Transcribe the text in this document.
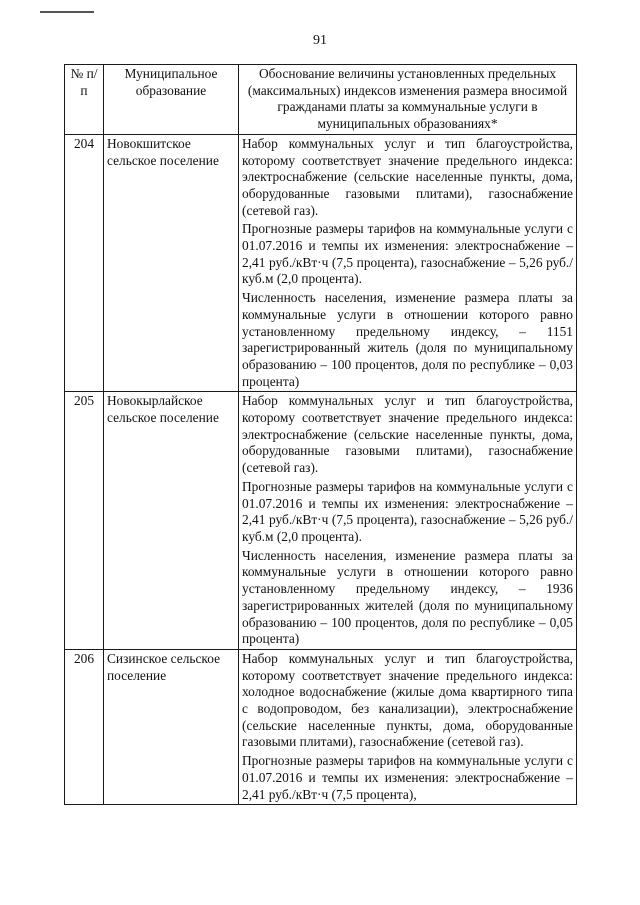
91
№ п/п	Муниципальное образование	Обоснование величины установленных предельных (максимальных) индексов изменения размера вносимой гражданами платы за коммунальные услуги в муниципальных образованиях*
204	Новокшитское сельское поселение	Набор коммунальных услуг и тип благоустройства, которому соответствует значение предельного индекса: электроснабжение (сельские населенные пункты, дома, оборудованные газовыми плитами), газоснабжение (сетевой газ).

Прогнозные размеры тарифов на коммунальные услуги с 01.07.2016 и темпы их изменения: электроснабжение – 2,41 руб./кВт·ч (7,5 процента), газоснабжение – 5,26 руб./куб.м (2,0 процента).

Численность населения, изменение размера платы за коммунальные услуги в отношении которого равно установленному предельному индексу, – 1151 зарегистрированный житель (доля по муниципальному образованию – 100 процентов, доля по республике – 0,03 процента)

205	Новокырлайское сельское поселение	Набор коммунальных услуг и тип благоустройства, которому соответствует значение предельного индекса: электроснабжение (сельские населенные пункты, дома, оборудованные газовыми плитами), газоснабжение (сетевой газ).

Прогнозные размеры тарифов на коммунальные услуги с 01.07.2016 и темпы их изменения: электроснабжение – 2,41 руб./кВт·ч (7,5 процента), газоснабжение – 5,26 руб./куб.м (2,0 процента).

Численность населения, изменение размера платы за коммунальные услуги в отношении которого равно установленному предельному индексу, – 1936 зарегистрированных жителей (доля по муниципальному образованию – 100 процентов, доля по республике – 0,05 процента)

206	Сизинское сельское поселение	Набор коммунальных услуг и тип благоустройства, которому соответствует значение предельного индекса: холодное водоснабжение (жилые дома квартирного типа с водопроводом, без канализации), электроснабжение (сельские населенные пункты, дома, оборудованные газовыми плитами), газоснабжение (сетевой газ).

Прогнозные размеры тарифов на коммунальные услуги с 01.07.2016 и темпы их изменения: электроснабжение – 2,41 руб./кВт·ч (7,5 процента),
